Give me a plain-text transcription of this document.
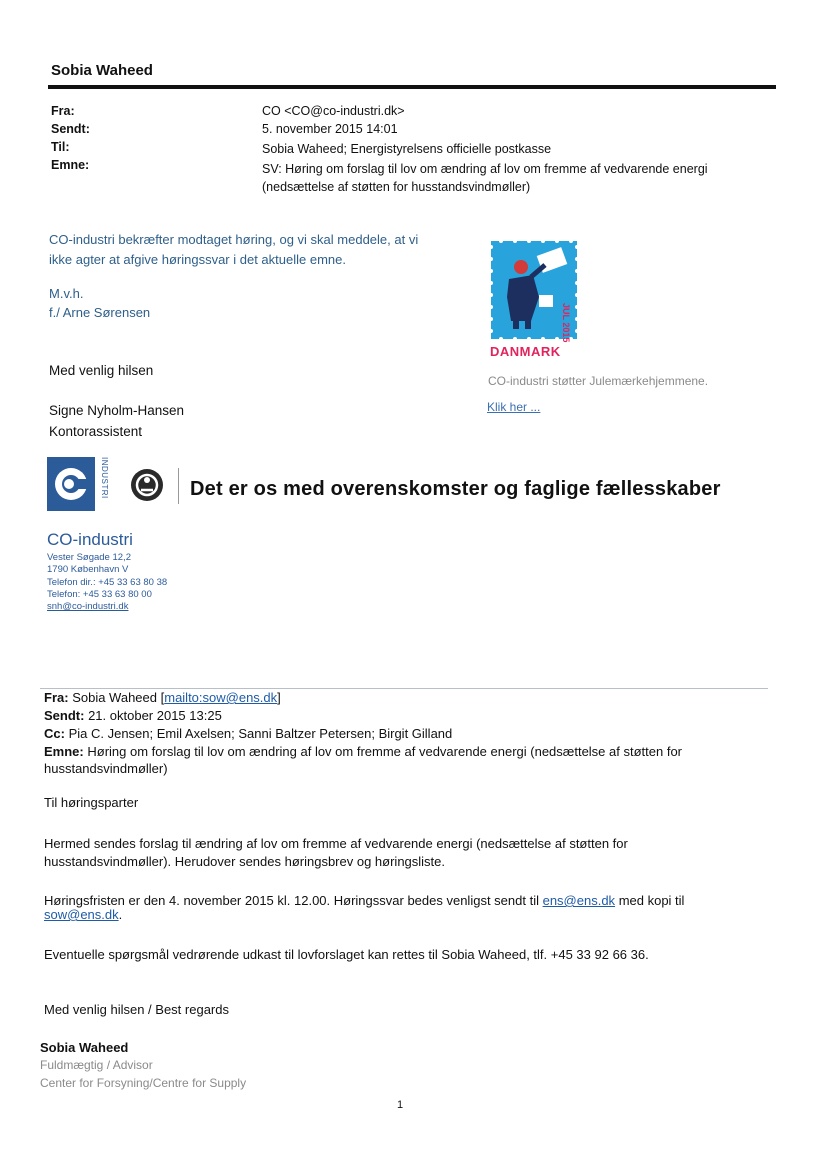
Sobia Waheed
Fra:
Sendt:
Til:
Emne:
CO <CO@co-industri.dk>
5. november 2015 14:01
Sobia Waheed; Energistyrelsens officielle postkasse
SV: Høring om forslag til lov om ændring af lov om fremme af vedvarende energi
(nedsættelse af støtten for husstandsvindmøller)
CO-industri bekræfter modtaget høring, og vi skal meddele, at vi
ikke agter at afgive høringssvar i det aktuelle emne.
M.v.h.
f./ Arne Sørensen
Med venlig hilsen
Signe Nyholm-Hansen
Kontorassistent
JUL 2015
DANMARK
CO-industri støtter Julemærkehjemmene.
Klik her ...
INDUSTRI	Det er os med overenskomster og faglige fællesskaber
CO-industri
Vester Søgade 12,2
1790 København V
Telefon dir.: +45 33 63 80 38
Telefon: +45 33 63 80 00
snh@co-industri.dk
Fra: Sobia Waheed [mailto:sow@ens.dk]
Sendt: 21. oktober 2015 13:25
Cc: Pia C. Jensen; Emil Axelsen; Sanni Baltzer Petersen; Birgit Gilland
Emne: Høring om forslag til lov om ændring af lov om fremme af vedvarende energi (nedsættelse af støtten for
husstandsvindmøller)
Til høringsparter
Hermed sendes forslag til ændring af lov om fremme af vedvarende energi (nedsættelse af støtten for
husstandsvindmøller). Herudover sendes høringsbrev og høringsliste.
Høringsfristen er den 4. november 2015 kl. 12.00. Høringssvar bedes venligst sendt til ens@ens.dk med kopi til
sow@ens.dk.
Eventuelle spørgsmål vedrørende udkast til lovforslaget kan rettes til Sobia Waheed, tlf. +45 33 92 66 36.
Med venlig hilsen / Best regards
Sobia Waheed
Fuldmægtig / Advisor
Center for Forsyning/Centre for Supply
1
